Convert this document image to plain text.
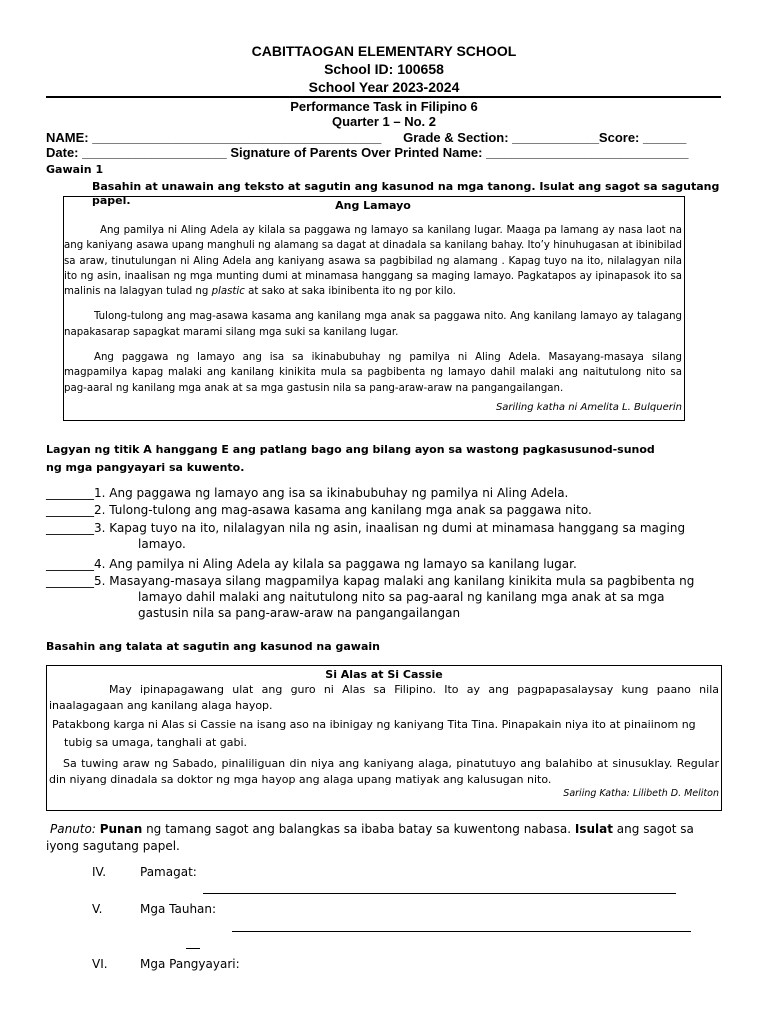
CABITTAOGAN ELEMENTARY SCHOOL
School ID: 100658
School Year 2023-2024
Performance Task in Filipino 6
Quarter 1 – No. 2
NAME: ________________________________________      Grade & Section: ____________Score: ______
Date: ____________________ Signature of Parents Over Printed Name: ____________________________
Gawain 1
Basahin at unawain ang teksto at sagutin ang kasunod na mga tanong. Isulat ang sagot sa sagutang papel.	Ang Lamayo

Ang pamilya ni Aling Adela ay kilala sa paggawa ng lamayo sa kanilang lugar. Maaga pa lamang ay nasa laot na ang kaniyang asawa upang manghuli ng alamang sa dagat at dinadala sa kanilang bahay. Ito’y hinuhugasan at ibinibilad sa araw, tinutulungan ni Aling Adela ang kaniyang asawa sa pagbibilad ng alamang . Kapag tuyo na ito, nilalagyan nila ito ng asin, inaalisan ng mga munting dumi at minamasa hanggang sa maging lamayo. Pagkatapos ay ipinapasok ito sa malinis na lalagyan tulad ng plastic at sako at saka ibinibenta ito ng por kilo.

Tulong-tulong ang mag-asawa kasama ang kanilang mga anak sa paggawa nito. Ang kanilang lamayo ay talagang napakasarap sapagkat marami silang mga suki sa kanilang lugar.

Ang paggawa ng lamayo ang isa sa ikinabubuhay ng pamilya ni Aling Adela. Masayang-masaya silang magpamilya kapag malaki ang kanilang kinikita mula sa pagbibenta ng lamayo dahil malaki ang naitutulong nito sa pag-aaral ng kanilang mga anak at sa mga gastusin nila sa pang-araw-araw na pangangailangan.

Sariling katha ni Amelita L. Bulquerin
Lagyan ng titik A hanggang E ang patlang bago ang bilang ayon sa wastong pagkasusunod-sunod ng mga pangyayari sa kuwento.
________1. Ang paggawa ng lamayo ang isa sa ikinabubuhay ng pamilya ni Aling Adela.
________2. Tulong-tulong ang mag-asawa kasama ang kanilang mga anak sa paggawa nito.
________3. Kapag tuyo na ito, nilalagyan nila ng asin, inaalisan ng dumi at minamasa hanggang sa maging
lamayo.
________4. Ang pamilya ni Aling Adela ay kilala sa paggawa ng lamayo sa kanilang lugar.
________5. Masayang-masaya silang magpamilya kapag malaki ang kanilang kinikita mula sa pagbibenta ng
lamayo dahil malaki ang naitutulong nito sa pag-aaral ng kanilang mga anak at sa mga
gastusin nila sa pang-araw-araw na pangangailangan
Basahin ang talata at sagutin ang kasunod na gawain
Si Alas at Si Cassie

May ipinapagawang ulat ang guro ni Alas sa Filipino. Ito ay ang pagpapasalaysay kung paano nila inaalagagaan ang kanilang alaga hayop.

Patakbong karga ni Alas si Cassie na isang aso na ibinigay ng kaniyang Tita Tina. Pinapakain niya ito at pinaiinom ng
tubig sa umaga, tanghali at gabi.

Sa tuwing araw ng Sabado, pinaliliguan din niya ang kaniyang alaga, pinatutuyo ang balahibo at sinusuklay. Regular din niyang dinadala sa doktor ng mga hayop ang alaga upang matiyak ang kalusugan nito.

Sariing Katha: Lilibeth D. Meliton
Panuto: Punan ng tamang sagot ang balangkas sa ibaba batay sa kuwentong nabasa. Isulat ang sagot sa iyong sagutang papel.
IV.	Pamagat:
V.	Mga Tauhan:
VI.	Mga Pangyayari:
